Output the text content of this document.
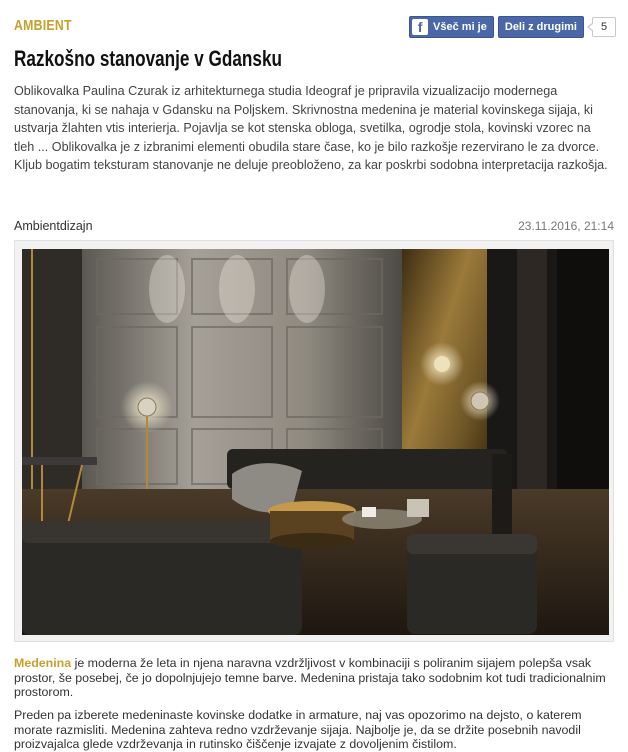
AMBIENT	f Všeč mi je Deli z drugimi	5
Razkošno stanovanje v Gdansku

Oblikovalka Paulina Czurak iz arhitekturnega studia Ideograf je pripravila vizualizacijo modernega stanovanja, ki se nahaja v Gdansku na Poljskem. Skrivnostna medenina je material kovinskega sijaja, ki ustvarja žlahten vtis interierja. Pojavlja se kot stenska obloga, svetilka, ogrodje stola, kovinski vzorec na tleh ... Oblikovalka je z izbranimi elementi obudila stare čase, ko je bilo razkošje rezervirano le za dvorce. Kljub bogatim teksturam stanovanje ne deluje preobloženo, za kar poskrbi sodobna interpretacija razkošja.

Ambientdizajn	23.11.2016, 21:14

Medenina je moderna že leta in njena naravna vzdržljivost v kombinaciji s poliranim sijajem polepša vsak prostor, še posebej, če jo dopolnjujejo temne barve. Medenina pristaja tako sodobnim kot tudi tradicionalnim prostorom.

Preden pa izberete medeninaste kovinske dodatke in armature, naj vas opozorimo na dejsto, o katerem morate razmisliti. Medenina zahteva redno vzdrževanje sijaja. Najbolje je, da se držite posebnih navodil proizvajalca glede vzdrževanja in rutinsko čiščenje izvajate z dovoljenim čistilom.
